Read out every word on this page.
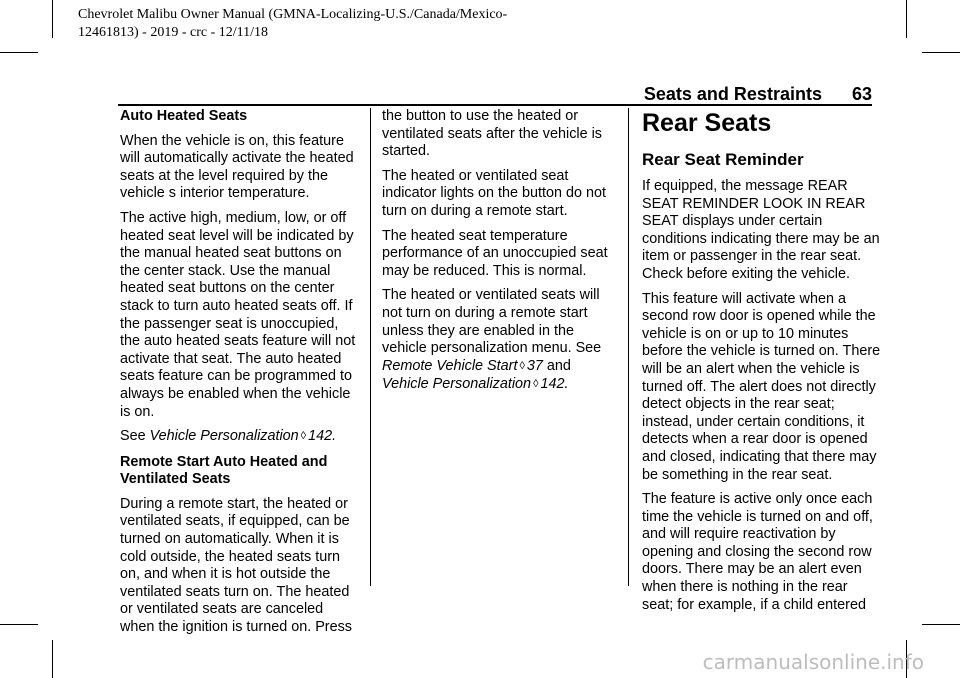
Chevrolet Malibu Owner Manual (GMNA-Localizing-U.S./Canada/Mexico-
12461813) - 2019 - crc - 12/11/18
Seats and Restraints 63
Auto Heated Seats

When the vehicle is on, this feature will automatically activate the heated seats at the level required by the vehicle s interior temperature.

The active high, medium, low, or off heated seat level will be indicated by the manual heated seat buttons on the center stack. Use the manual heated seat buttons on the center stack to turn auto heated seats off. If the passenger seat is unoccupied, the auto heated seats feature will not activate that seat. The auto heated seats feature can be programmed to always be enabled when the vehicle is on.

See Vehicle Personalization ◊ 142.

Remote Start Auto Heated and Ventilated Seats

During a remote start, the heated or ventilated seats, if equipped, can be turned on automatically. When it is cold outside, the heated seats turn on, and when it is hot outside the ventilated seats turn on. The heated or ventilated seats are canceled when the ignition is turned on. Press

the button to use the heated or ventilated seats after the vehicle is started.

The heated or ventilated seat indicator lights on the button do not turn on during a remote start.

The heated seat temperature performance of an unoccupied seat may be reduced. This is normal.

The heated or ventilated seats will not turn on during a remote start unless they are enabled in the vehicle personalization menu. See Remote Vehicle Start ◊ 37 and Vehicle Personalization ◊ 142.

Rear Seats
Rear Seat Reminder

If equipped, the message REAR SEAT REMINDER LOOK IN REAR SEAT displays under certain conditions indicating there may be an item or passenger in the rear seat. Check before exiting the vehicle.

This feature will activate when a second row door is opened while the vehicle is on or up to 10 minutes before the vehicle is turned on. There will be an alert when the vehicle is turned off. The alert does not directly detect objects in the rear seat; instead, under certain conditions, it detects when a rear door is opened and closed, indicating that there may be something in the rear seat.

The feature is active only once each time the vehicle is turned on and off, and will require reactivation by opening and closing the second row doors. There may be an alert even when there is nothing in the rear seat; for example, if a child entered

carmanualsonline.info
